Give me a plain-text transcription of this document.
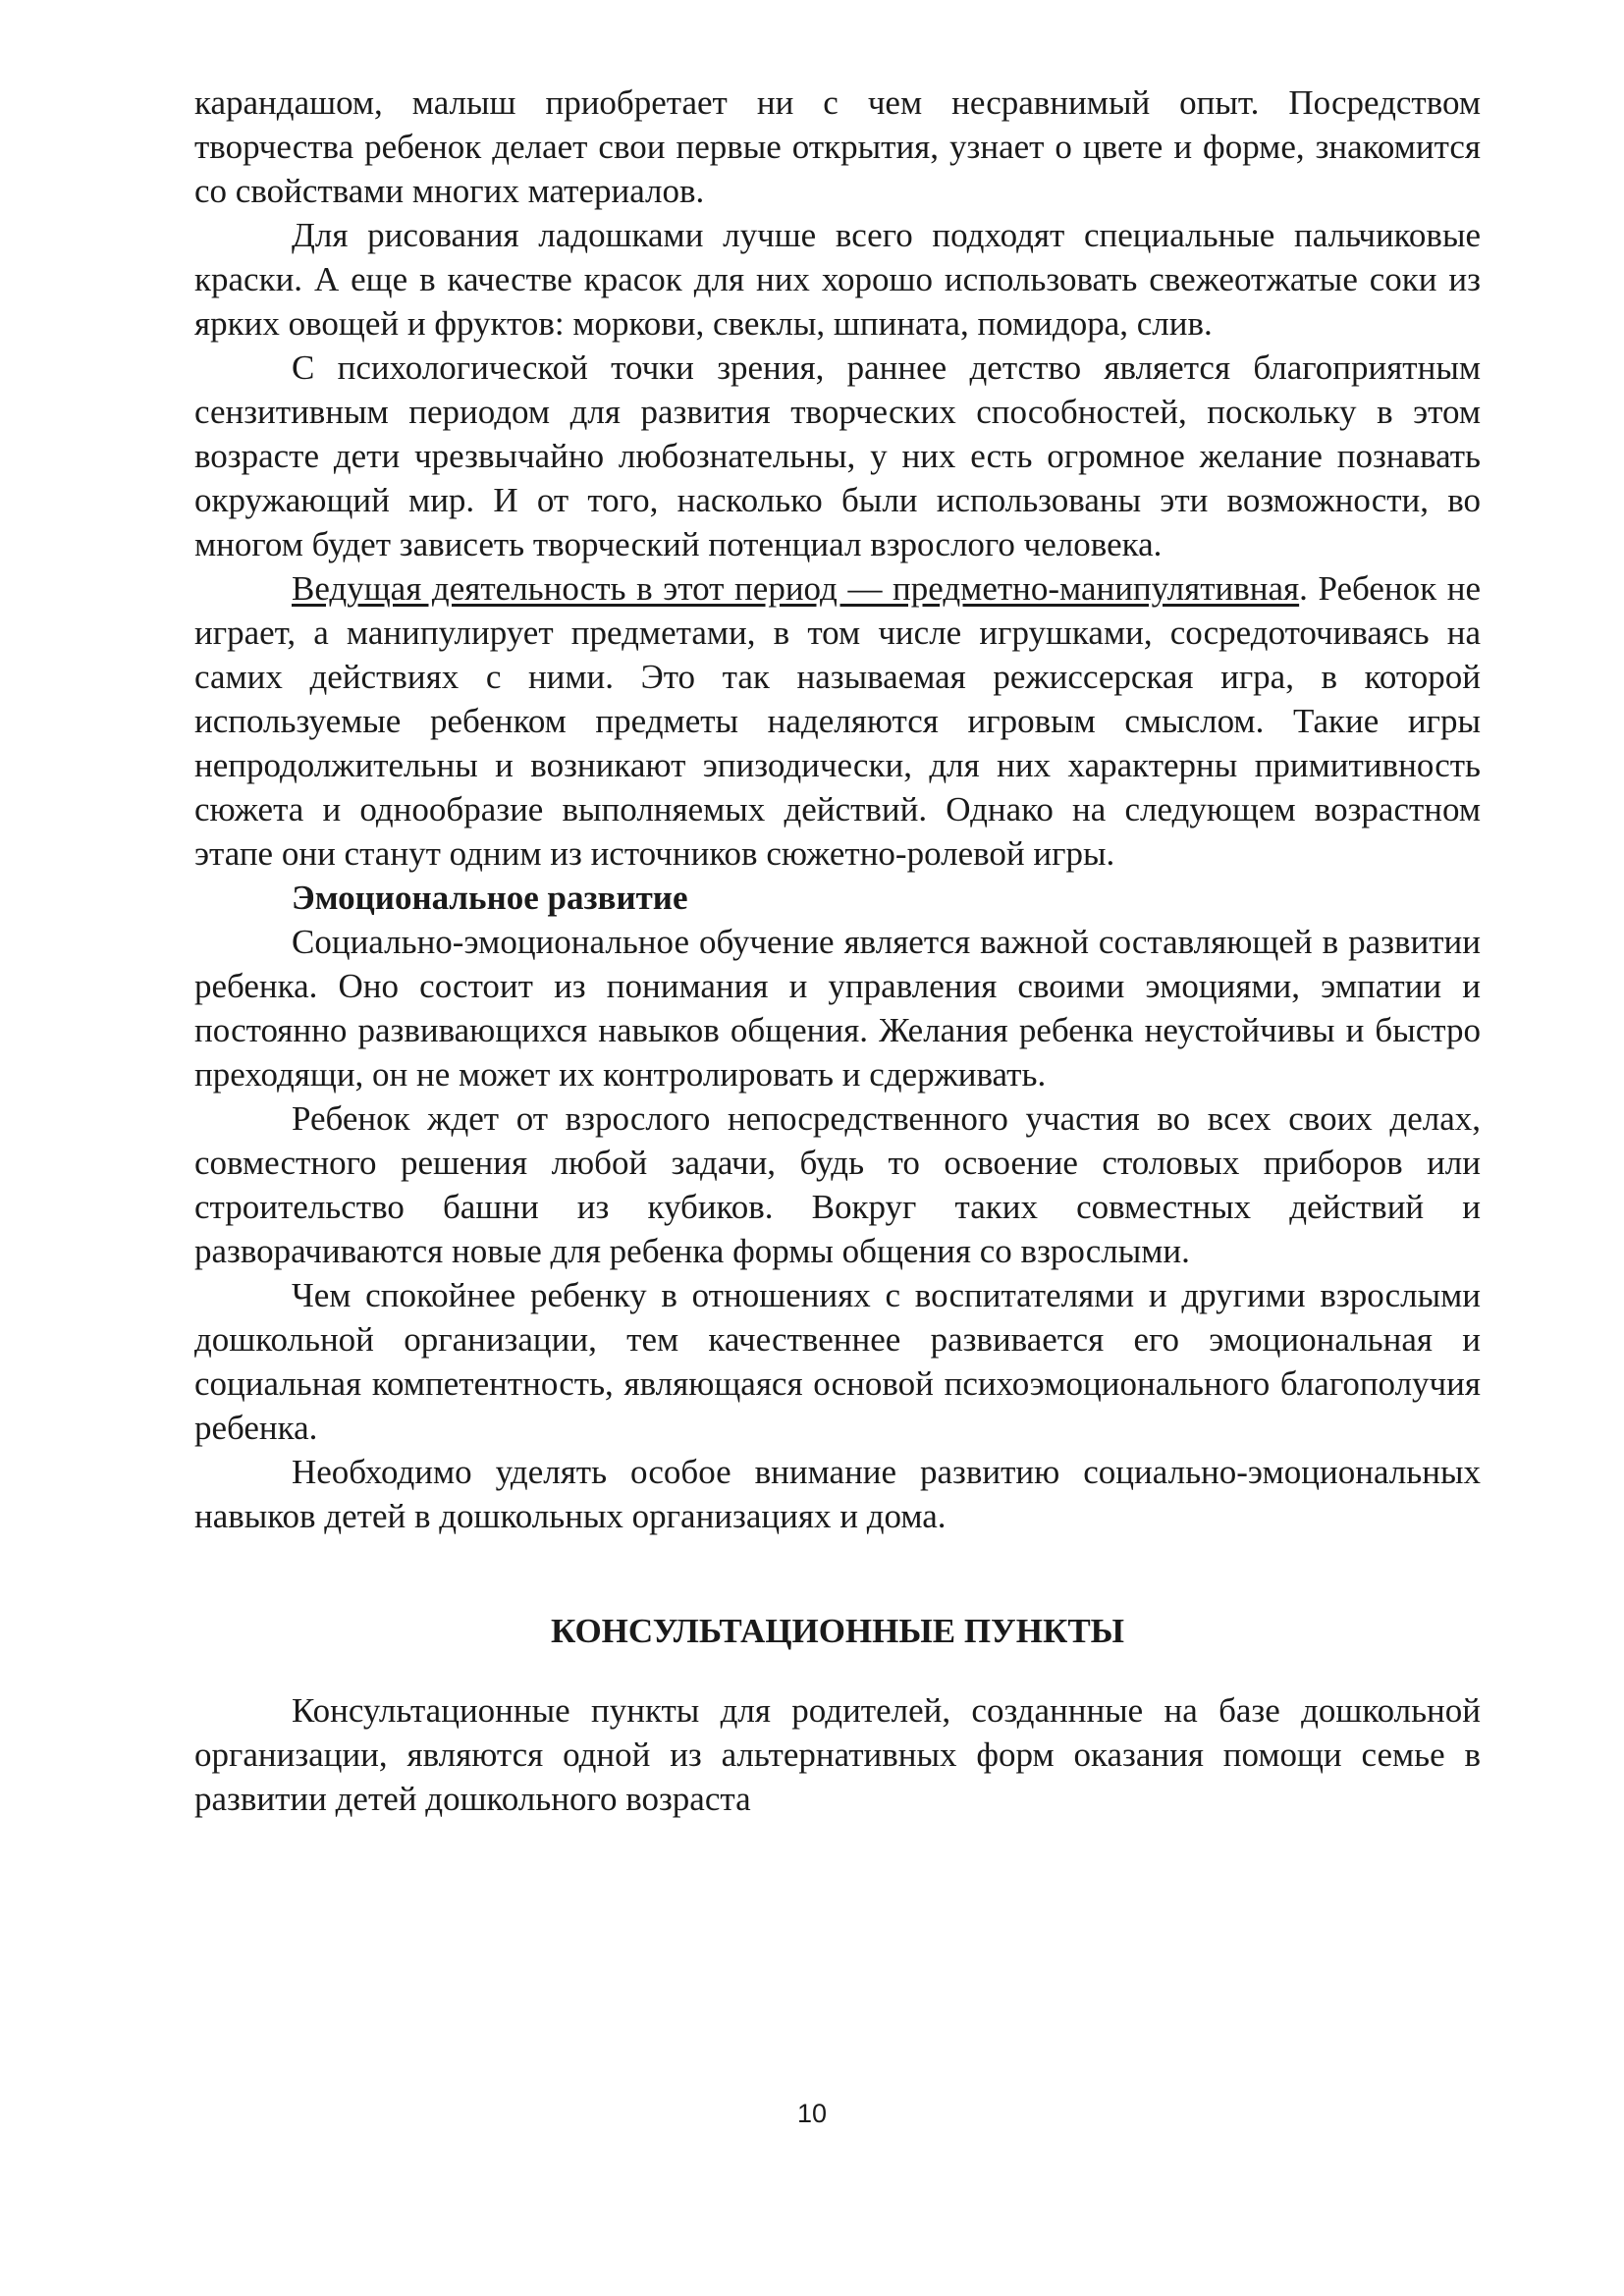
карандашом, малыш приобретает ни с чем несравнимый опыт. Посредством творчества ребенок делает свои первые открытия, узнает о цвете и форме, знакомится со свойствами многих материалов.

Для рисования ладошками лучше всего подходят специальные пальчиковые краски. А еще в качестве красок для них хорошо использовать свежеотжатые соки из ярких овощей и фруктов: моркови, свеклы, шпината, помидора, слив.

С психологической точки зрения, раннее детство является благоприятным сензитивным периодом для развития творческих способностей, поскольку в этом возрасте дети чрезвычайно любознательны, у них есть огромное желание познавать окружающий мир. И от того, насколько были использованы эти возможности, во многом будет зависеть творческий потенциал взрослого человека.

Ведущая деятельность в этот период — предметно-манипулятивная. Ребенок не играет, а манипулирует предметами, в том числе игрушками, сосредоточиваясь на самих действиях с ними. Это так называемая режиссерская игра, в которой используемые ребенком предметы наделяются игровым смыслом. Такие игры непродолжительны и возникают эпизодически, для них характерны примитивность сюжета и однообразие выполняемых действий. Однако на следующем возрастном этапе они станут одним из источников сюжетно-ролевой игры.

Эмоциональное развитие

Социально-эмоциональное обучение является важной составляющей в развитии ребенка. Оно состоит из понимания и управления своими эмоциями, эмпатии и постоянно развивающихся навыков общения. Желания ребенка неустойчивы и быстро преходящи, он не может их контролировать и сдерживать.

Ребенок ждет от взрослого непосредственного участия во всех своих делах, совместного решения любой задачи, будь то освоение столовых приборов или строительство башни из кубиков. Вокруг таких совместных действий и разворачиваются новые для ребенка формы общения со взрослыми.

Чем спокойнее ребенку в отношениях с воспитателями и другими взрослыми дошкольной организации, тем качественнее развивается его эмоциональная и социальная компетентность, являющаяся основой психоэмоционального благополучия ребенка.

Необходимо уделять особое внимание развитию социально-эмоциональных навыков детей в дошкольных организациях и дома.

КОНСУЛЬТАЦИОННЫЕ ПУНКТЫ

Консультационные пункты для родителей, созданнные на базе дошкольной организации, являются одной из альтернативных форм оказания помощи семье в развитии детей дошкольного возраста

10
